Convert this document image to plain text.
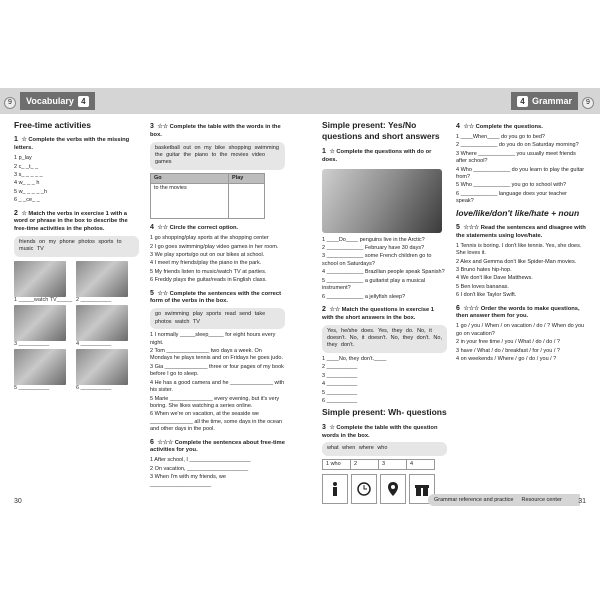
9	Vocabulary 4
Free-time activities
1 ☆ Complete the verbs with the missing letters.
1 p_lay
2 c_ _t_ _
3 s_ _ _ _ _
4 w_ _ _ h
5 w_ _ _ _ _h
6 _ _ce_ _
2 ☆ Match the verbs in exercise 1 with a word or phrase in the box to describe the free-time activities in the photos.
friends on my phone photos sports to music TV
1 _____watch TV_____ 2 __________
3 __________	4 __________
5 __________	6 __________
3 ☆☆ Complete the table with the words in the box.
basketball out on my bike shopping swimming the guitar the piano to the movies video games
Go	Play
to the movies	
4 ☆☆ Circle the correct option.
1 go shopping/play sports at the shopping center
2 I go goes swimming/play video games in her room.
3 We play sports/go out on our bikes at school.
4 I meet my friends/play the piano in the park.
5 My friends listen to music/watch TV at parties.
6 Freddy plays the guitar/reads in English class.
5 ☆☆ Complete the sentences with the correct form of the verbs in the box.
go swimming play sports read send take photos watch TV
1 I normally _____sleep_____ for eight hours every night.
2 Tom ______________ two days a week. On Mondays he plays tennis and on Fridays he goes judo.
3 Gia ______________ three or four pages of my book before I go to sleep.
4 He has a good camera and he ______________ with his sister.
5 Marie ______________ every evening, but it's very boring. She likes watching a series online.
6 When we're on vacation, at the seaside we ______________ all the time, some days in the ocean and other days in the pool.
6 ☆☆☆ Complete the sentences about free-time activities for you.
1 After school, I ____________________
2 On vacation, ____________________
3 When I'm with my friends, we ____________________
30
4 Grammar	9
Simple present: Yes/No questions and short answers
1 ☆ Complete the questions with do or does.
1 ____Do____ penguins live in the Arctic?
2 ____________ February have 30 days?
3 ____________ some French children go to school on Saturdays?
4 ____________ Brazilian people speak Spanish?
5 ____________ a guitarist play a musical instrument?
6 ____________ a jellyfish sleep?
2 ☆☆ Match the questions in exercise 1 with the short answers in the box.
Yes, he/she does. Yes, they do. No, it doesn't. No, it doesn't. No, they don't. No, they don't.
1 ____No, they don't.____
2 __________
3 __________
4 __________
5 __________
6 __________
Simple present: Wh- questions
3 ☆ Complete the table with the question words in the box.
what when where who
1 who	2	3	4
4 ☆☆ Complete the questions.
1 ____When____ do you go to bed?
2 ____________ do you do on Saturday morning?
3 Where ____________ you usually meet friends after school?
4 Who ____________ do you learn to play the guitar from?
5 Who ____________ you go to school with?
6 ____________ language does your teacher speak?
love/like/don't like/hate + noun
5 ☆☆☆ Read the sentences and disagree with the statements using love/hate.
1 Tennis is boring. I don't like tennis. Yes, she does. She loves it.
2 Alex and Gemma don't like Spider-Man movies.
3 Bruno hates hip-hop.
4 We don't like Dave Matthews.
5 Ben loves bananas.
6 I don't like Taylor Swift.
6 ☆☆☆ Order the words to make questions, then answer them for you.
1 go / you / When / on vacation / do / ? When do you go on vacation?
2 in your free time / you / What / do / do / ?
3 have / What / do / breakfast / for / you / ?
4 on weekends / Where / go / do / you / ?
Grammar reference and practice Resource center 31
